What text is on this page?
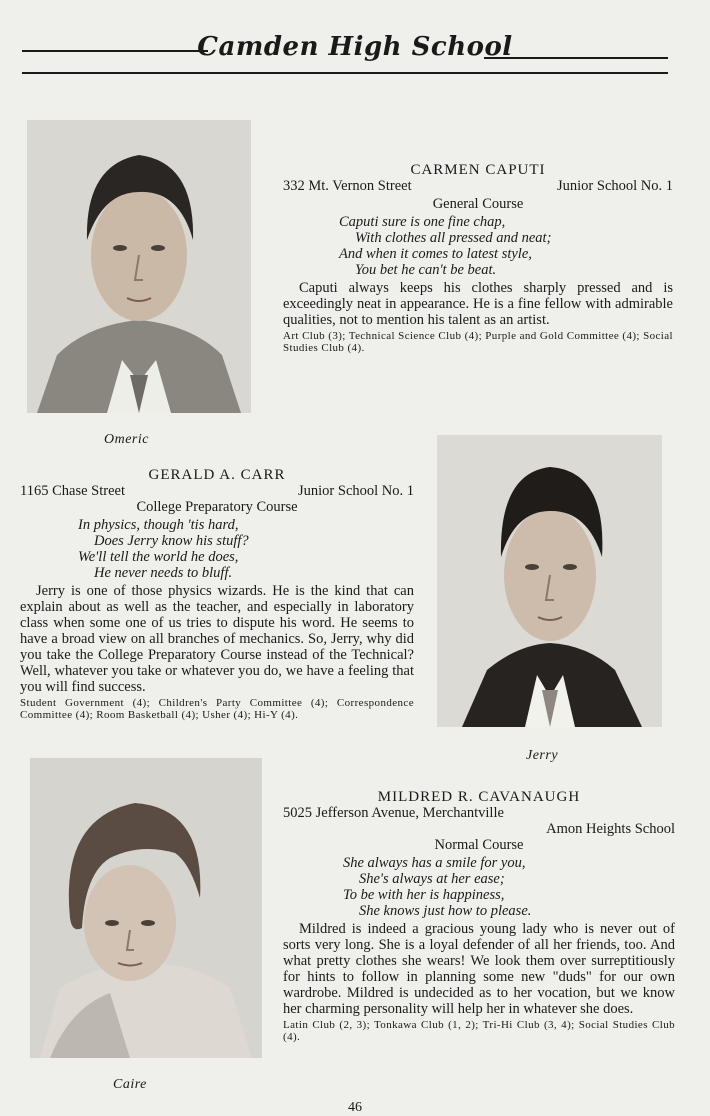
Camden High School
Omeric
CARMEN CAPUTI
332 Mt. Vernon Street	Junior School No. 1
General Course
Caputi sure is one fine chap,
With clothes all pressed and neat;
And when it comes to latest style,
You bet he can't be beat.
Caputi always keeps his clothes sharply pressed and is exceedingly neat in appearance. He is a fine fellow with admirable qualities, not to mention his talent as an artist.
Art Club (3); Technical Science Club (4); Purple and Gold Committee (4); Social Studies Club (4).
Jerry
GERALD A. CARR
1165 Chase Street	Junior School No. 1
College Preparatory Course
In physics, though 'tis hard,
Does Jerry know his stuff?
We'll tell the world he does,
He never needs to bluff.
Jerry is one of those physics wizards. He is the kind that can explain about as well as the teacher, and especially in laboratory class when some one of us tries to dispute his word. He seems to have a broad view on all branches of mechanics. So, Jerry, why did you take the College Preparatory Course instead of the Technical? Well, whatever you take or whatever you do, we have a feeling that you will find success.
Student Government (4); Children's Party Committee (4); Correspondence Committee (4); Room Basketball (4); Usher (4); Hi-Y (4).
Caire
MILDRED R. CAVANAUGH
5025 Jefferson Avenue, Merchantville
Amon Heights School
Normal Course
She always has a smile for you,
She's always at her ease;
To be with her is happiness,
She knows just how to please.
Mildred is indeed a gracious young lady who is never out of sorts very long. She is a loyal defender of all her friends, too. And what pretty clothes she wears! We look them over surreptitiously for hints to follow in planning some new "duds" for our own wardrobe. Mildred is undecided as to her vocation, but we know her charming personality will help her in whatever she does.
Latin Club (2, 3); Tonkawa Club (1, 2); Tri-Hi Club (3, 4); Social Studies Club (4).
46
